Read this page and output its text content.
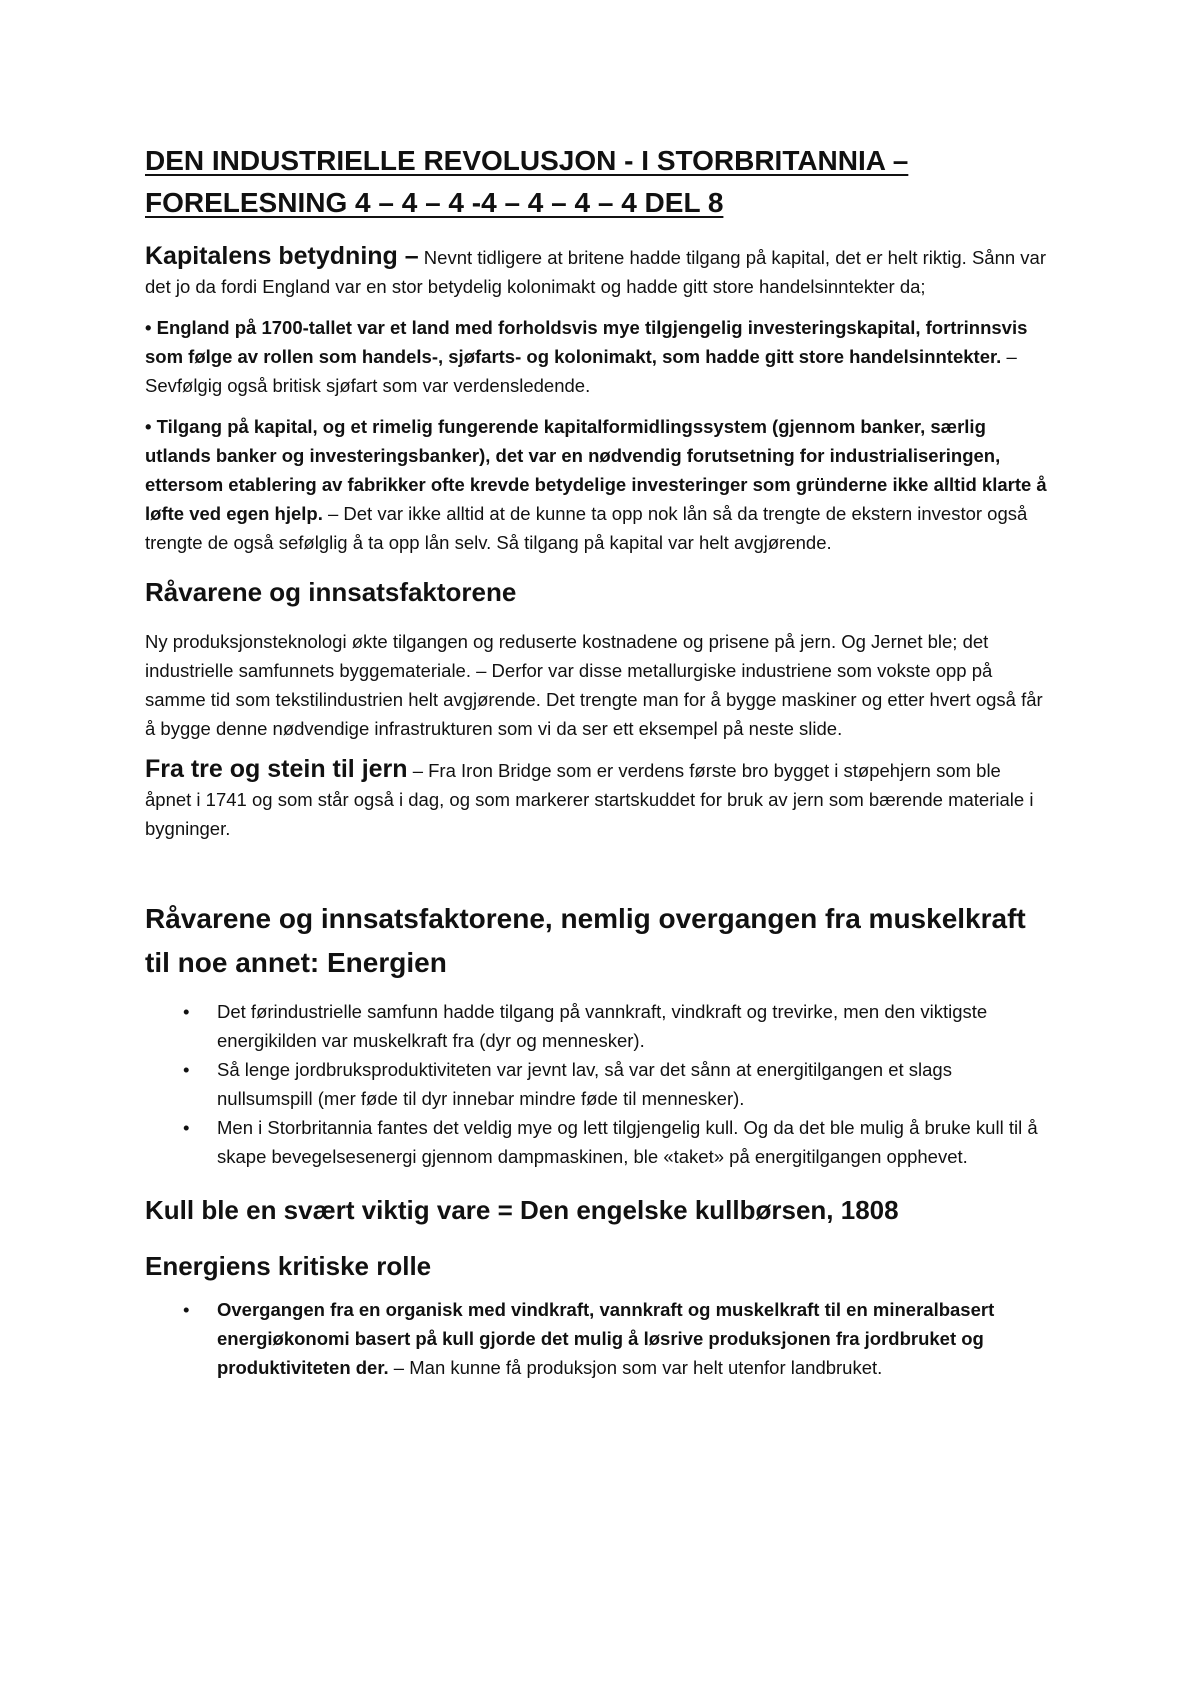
DEN INDUSTRIELLE REVOLUSJON - I STORBRITANNIA –
FORELESNING 4 – 4 – 4 -4 – 4 – 4 – 4 DEL 8

Kapitalens betydning – Nevnt tidligere at britene hadde tilgang på kapital, det er helt riktig. Sånn var det jo da fordi England var en stor betydelig kolonimakt og hadde gitt store handelsinntekter da;

• England på 1700-tallet var et land med forholdsvis mye tilgjengelig investeringskapital, fortrinnsvis som følge av rollen som handels-, sjøfarts- og kolonimakt, som hadde gitt store handelsinntekter. – Sevfølgig også britisk sjøfart som var verdensledende.

• Tilgang på kapital, og et rimelig fungerende kapitalformidlingssystem (gjennom banker, særlig utlands banker og investeringsbanker), det var en nødvendig forutsetning for industrialiseringen, ettersom etablering av fabrikker ofte krevde betydelige investeringer som gründerne ikke alltid klarte å løfte ved egen hjelp. – Det var ikke alltid at de kunne ta opp nok lån så da trengte de ekstern investor også trengte de også sefølglig å ta opp lån selv. Så tilgang på kapital var helt avgjørende.

Råvarene og innsatsfaktorene

Ny produksjonsteknologi økte tilgangen og reduserte kostnadene og prisene på jern. Og Jernet ble; det industrielle samfunnets byggemateriale. – Derfor var disse metallurgiske industriene som vokste opp på samme tid som tekstilindustrien helt avgjørende. Det trengte man for å bygge maskiner og etter hvert også får å bygge denne nødvendige infrastrukturen som vi da ser ett eksempel på neste slide.

Fra tre og stein til jern – Fra Iron Bridge som er verdens første bro bygget i støpehjern som ble åpnet i 1741 og som står også i dag, og som markerer startskuddet for bruk av jern som bærende materiale i bygninger.

Råvarene og innsatsfaktorene, nemlig overgangen fra muskelkraft til noe annet: Energien
• Det førindustrielle samfunn hadde tilgang på vannkraft, vindkraft og trevirke, men den viktigste energikilden var muskelkraft fra (dyr og mennesker).
• Så lenge jordbruksproduktiviteten var jevnt lav, så var det sånn at energitilgangen et slags nullsumspill (mer føde til dyr innebar mindre føde til mennesker).
• Men i Storbritannia fantes det veldig mye og lett tilgjengelig kull. Og da det ble mulig å bruke kull til å skape bevegelsesenergi gjennom dampmaskinen, ble «taket» på energitilgangen opphevet.
Kull ble en svært viktig vare = Den engelske kullbørsen, 1808
Energiens kritiske rolle
• Overgangen fra en organisk med vindkraft, vannkraft og muskelkraft til en mineralbasert energiøkonomi basert på kull gjorde det mulig å løsrive produksjonen fra jordbruket og produktiviteten der. – Man kunne få produksjon som var helt utenfor landbruket.
